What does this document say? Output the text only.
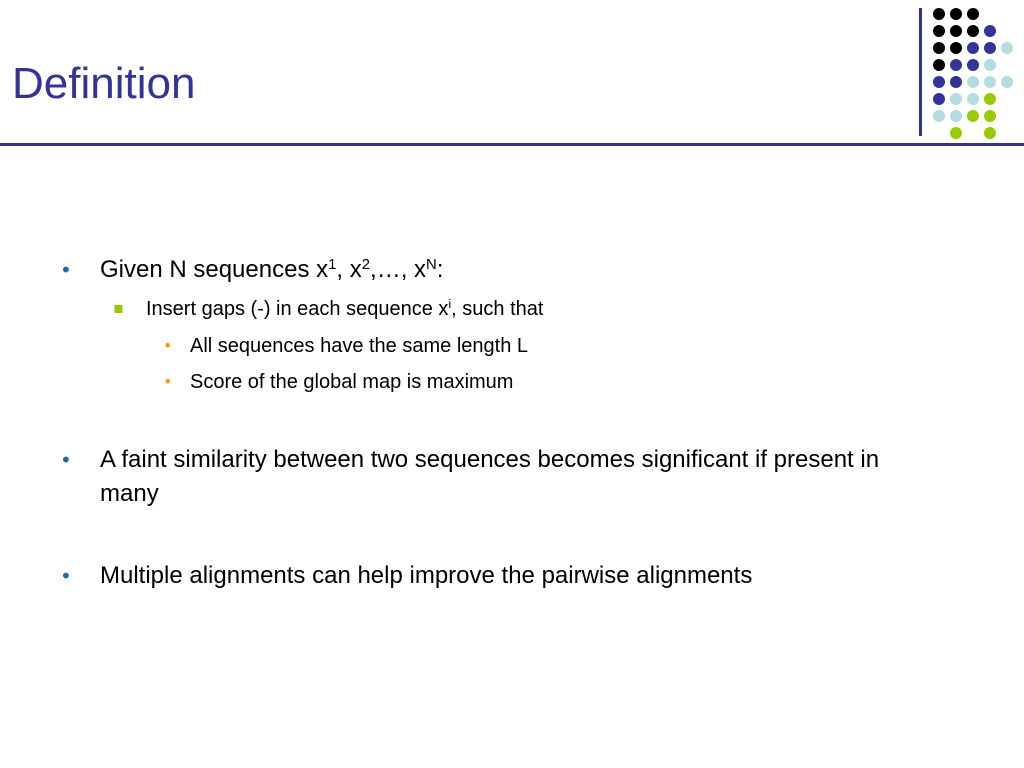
Definition
• Given N sequences $x^1$, $x^2,\dots$, $x^N$:
▪ Insert gaps (-) in each sequence $x^i$, such that
• All sequences have the same length L
• Score of the global map is maximum
• A faint similarity between two sequences becomes significant if present in many
• Multiple alignments can help improve the pairwise alignments
